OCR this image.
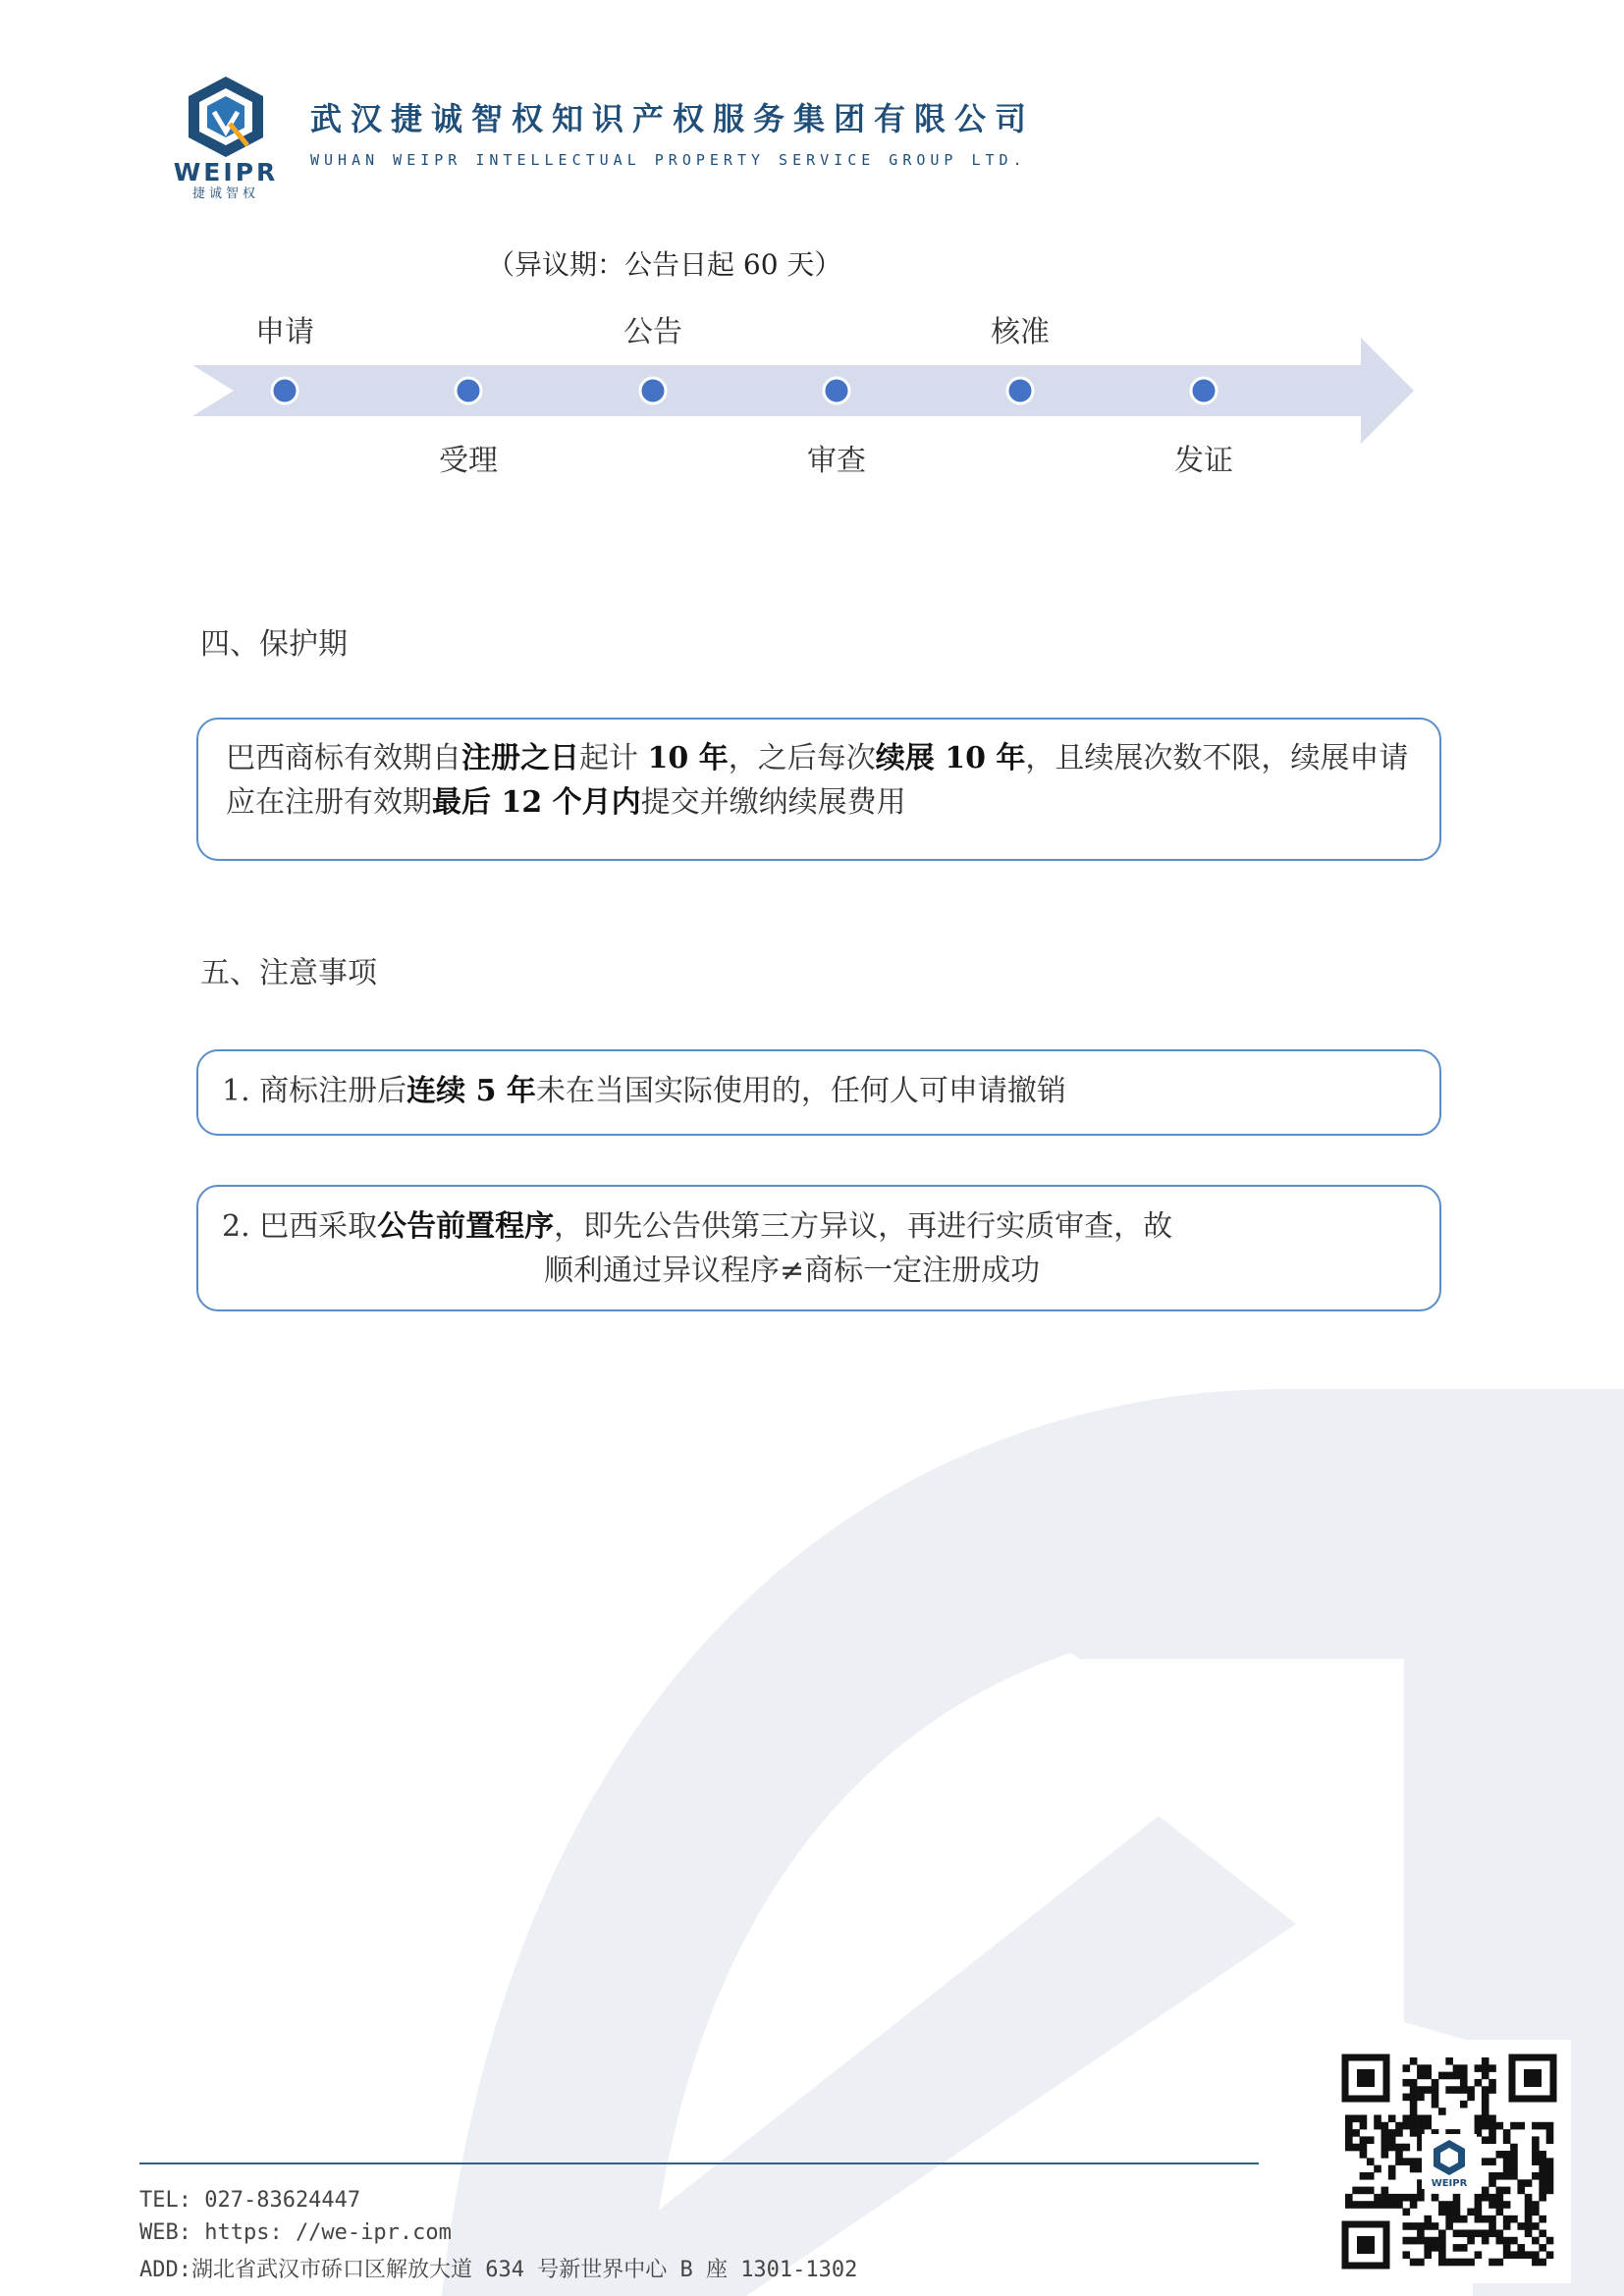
WEIPR
捷诚智权
武汉捷诚智权知识产权服务集团有限公司
WUHAN WEIPR INTELLECTUAL PROPERTY SERVICE GROUP LTD.
（异议期：公告日起 60 天）
申请	公告	核准
受理	审查	发证
四、保护期
巴西商标有效期自注册之日起计 10 年，之后每次续展 10 年，且续展次数不限，续展申请应在注册有效期最后 12 个月内提交并缴纳续展费用
五、注意事项
1. 商标注册后连续 5 年未在当国实际使用的，任何人可申请撤销
2. 巴西采取公告前置程序，即先公告供第三方异议，再进行实质审查，故
顺利通过异议程序≠商标一定注册成功
TEL: 027-83624447
WEB: https: //we-ipr.com
ADD:湖北省武汉市硚口区解放大道 634 号新世界中心 B 座 1301-1302
WEIPR
